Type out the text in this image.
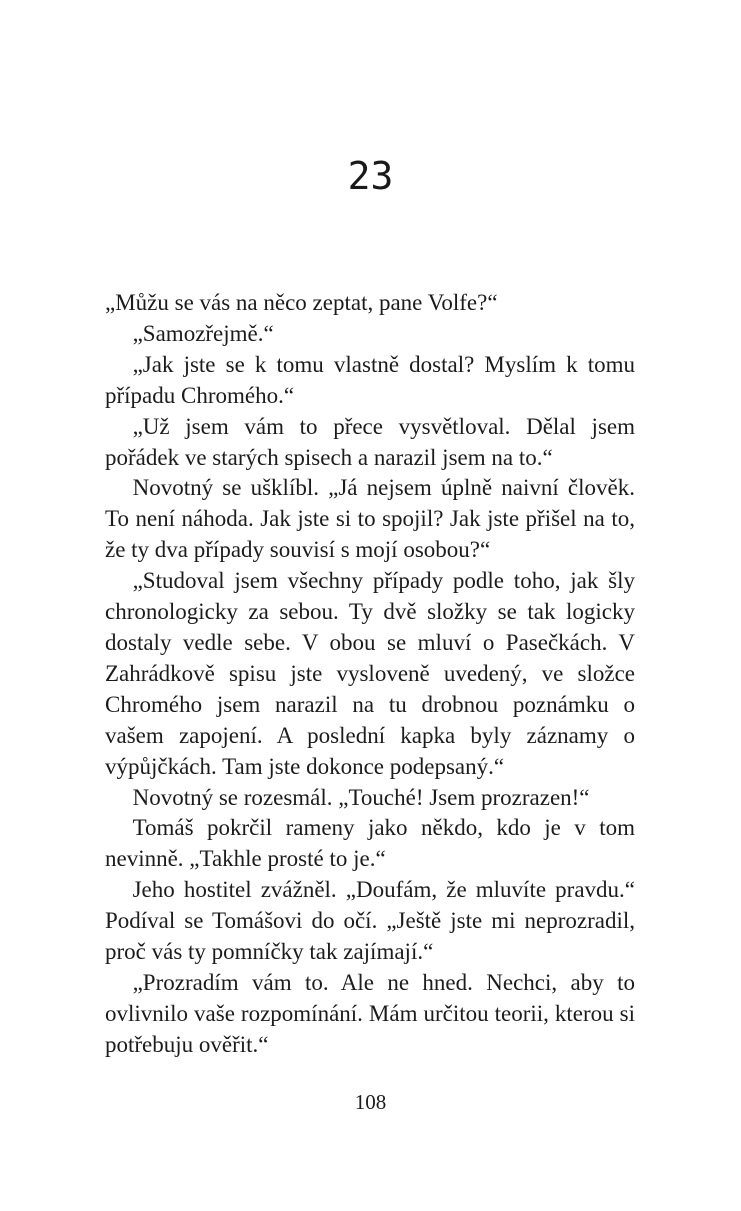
23

„Můžu se vás na něco zeptat, pane Volfe?“

„Samozřejmě.“

„Jak jste se k tomu vlastně dostal? Myslím k tomu případu Chromého.“

„Už jsem vám to přece vysvětloval. Dělal jsem pořádek ve starých spisech a narazil jsem na to.“

Novotný se ušklíbl. „Já nejsem úplně naivní člověk. To není náhoda. Jak jste si to spojil? Jak jste přišel na to, že ty dva případy souvisí s mojí osobou?“

„Studoval jsem všechny případy podle toho, jak šly chronologicky za sebou. Ty dvě složky se tak logicky dostaly vedle sebe. V obou se mluví o Pasečkách. V Zahrádkově spisu jste vysloveně uvedený, ve složce Chromého jsem narazil na tu drobnou poznámku o vašem zapojení. A poslední kapka byly záznamy o výpůjčkách. Tam jste dokonce podepsaný.“

Novotný se rozesmál. „Touché! Jsem prozrazen!“

Tomáš pokrčil rameny jako někdo, kdo je v tom nevinně. „Takhle prosté to je.“

Jeho hostitel zvážněl. „Doufám, že mluvíte pravdu.“ Podíval se Tomášovi do očí. „Ještě jste mi neprozradil, proč vás ty pomníčky tak zajímají.“

„Prozradím vám to. Ale ne hned. Nechci, aby to ovlivnilo vaše rozpomínání. Mám určitou teorii, kterou si potřebuju ověřit.“

108
